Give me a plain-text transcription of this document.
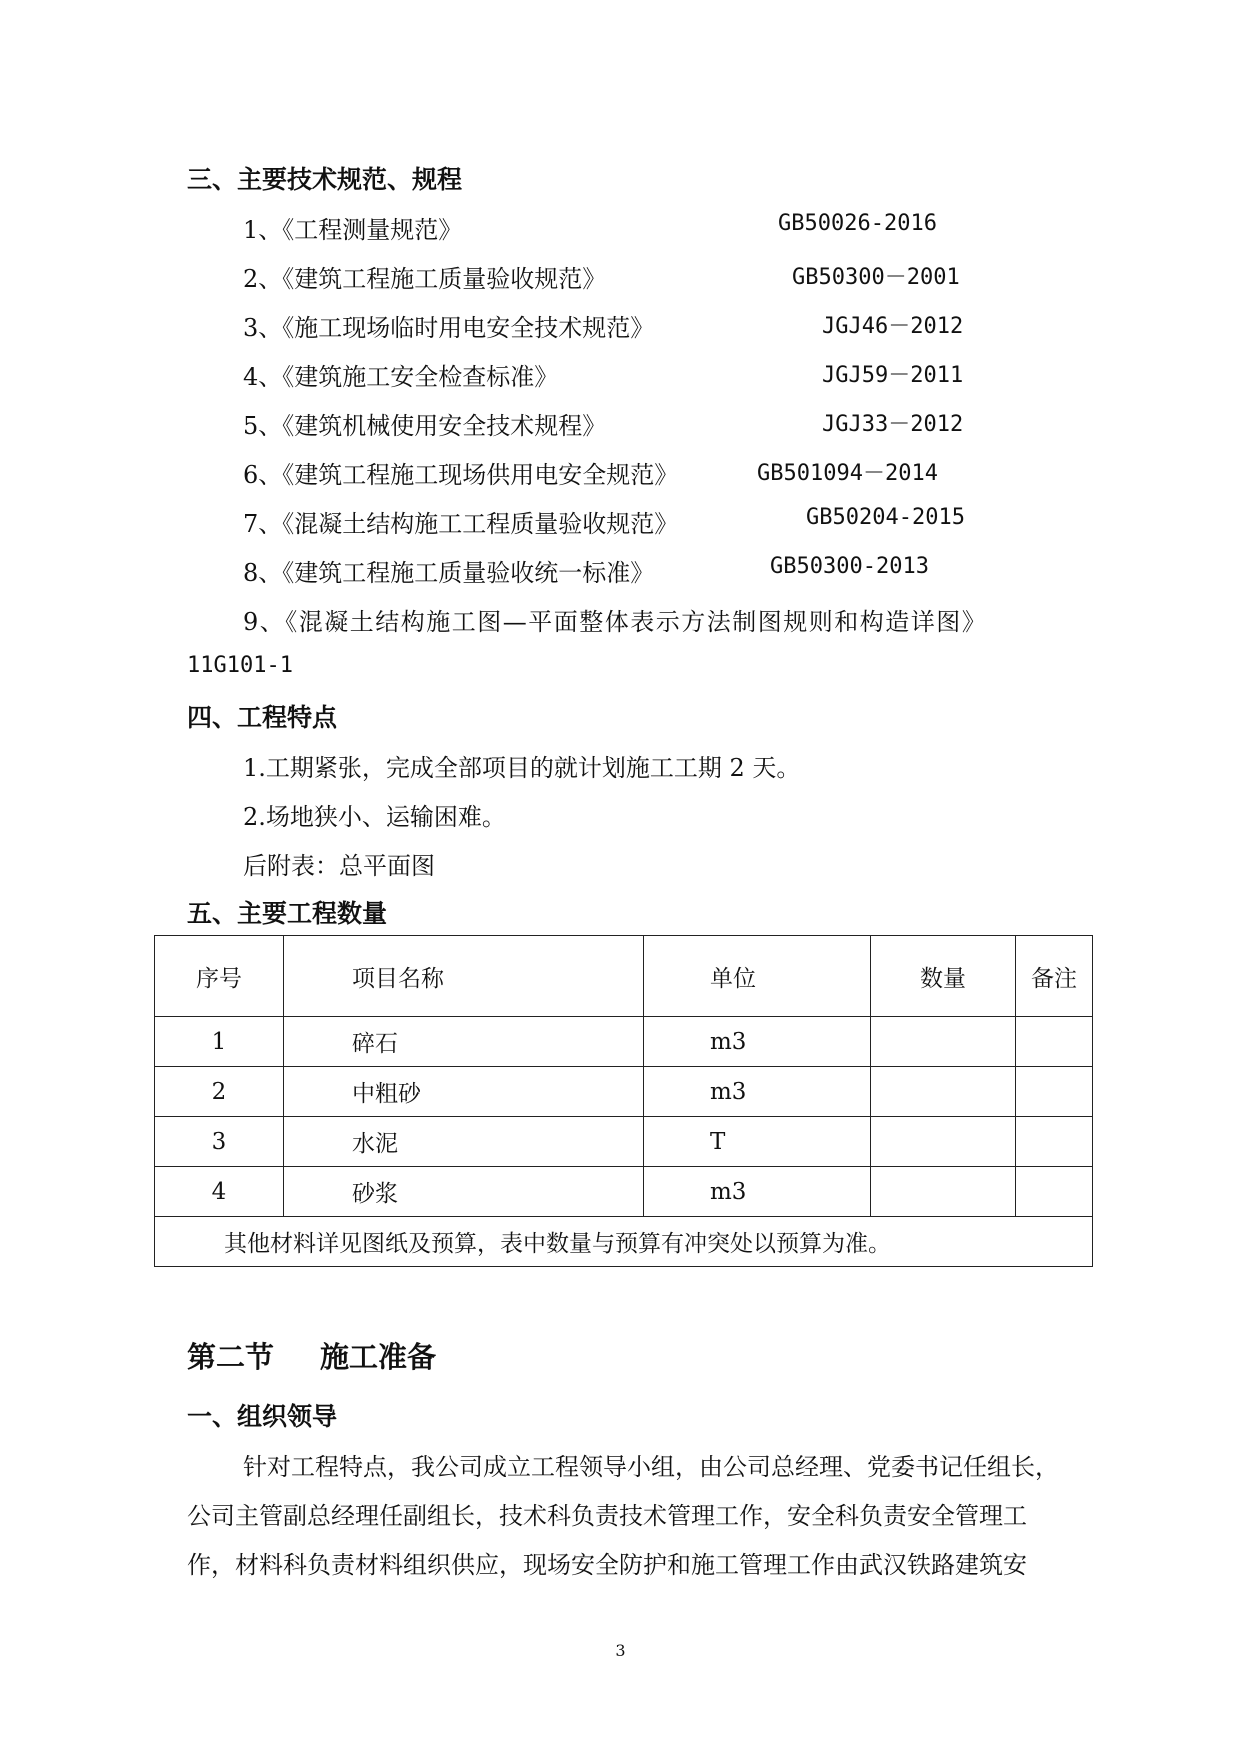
三、主要技术规范、规程
1、《工程测量规范》	GB50026-2016
2、《建筑工程施工质量验收规范》	GB50300－2001
3、《施工现场临时用电安全技术规范》	JGJ46－2012
4、《建筑施工安全检查标准》	JGJ59－2011
5、《建筑机械使用安全技术规程》	JGJ33－2012
6、《建筑工程施工现场供用电安全规范》	GB501094－2014
7、《混凝土结构施工工程质量验收规范》	GB50204-2015
8、《建筑工程施工质量验收统一标准》	GB50300-2013
9、《混凝土结构施工图—平面整体表示方法制图规则和构造详图》
11G101-1
四、工程特点
1.工期紧张，完成全部项目的就计划施工工期 2 天。
2.场地狭小、运输困难。
后附表：总平面图
五、主要工程数量
序号	项目名称	单位	数量	备注
1	碎石	m3		
2	中粗砂	m3		
3	水泥	T		
4	砂浆	m3		
其他材料详见图纸及预算，表中数量与预算有冲突处以预算为准。				
第二节 施工准备
一、组织领导
针对工程特点，我公司成立工程领导小组，由公司总经理、党委书记任组长，
公司主管副总经理任副组长，技术科负责技术管理工作，安全科负责安全管理工
作，材料科负责材料组织供应，现场安全防护和施工管理工作由武汉铁路建筑安
3
